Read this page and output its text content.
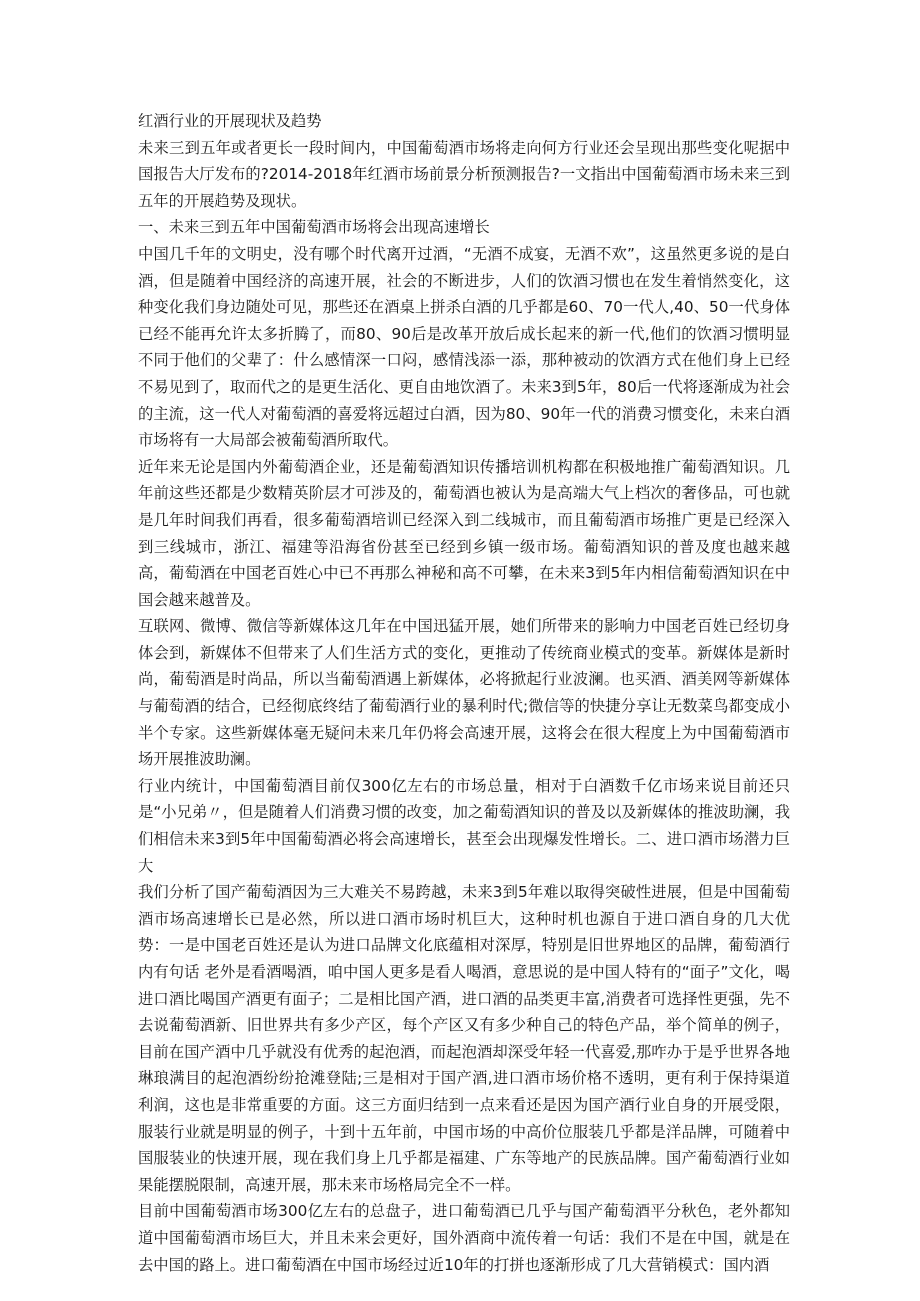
红酒行业的开展现状及趋势

未来三到五年或者更长一段时间内，中国葡萄酒市场将走向何方行业还会呈现出那些变化呢据中国报告大厅发布的?2014-2018年红酒市场前景分析预测报告?一文指出中国葡萄酒市场未来三到五年的开展趋势及现状。

一、未来三到五年中国葡萄酒市场将会出现高速增长

中国几千年的文明史，没有哪个时代离开过酒，“无酒不成宴，无酒不欢”，这虽然更多说的是白酒，但是随着中国经济的高速开展，社会的不断进步，人们的饮酒习惯也在发生着悄然变化，这种变化我们身边随处可见，那些还在酒桌上拼杀白酒的几乎都是60、70一代人,40、50一代身体已经不能再允许太多折腾了，而80、90后是改革开放后成长起来的新一代,他们的饮酒习惯明显不同于他们的父辈了：什么感情深一口闷，感情浅添一添，那种被动的饮酒方式在他们身上已经不易见到了，取而代之的是更生活化、更自由地饮酒了。未来3到5年，80后一代将逐渐成为社会的主流，这一代人对葡萄酒的喜爱将远超过白酒，因为80、90年一代的消费习惯变化，未来白酒市场将有一大局部会被葡萄酒所取代。

近年来无论是国内外葡萄酒企业，还是葡萄酒知识传播培训机构都在积极地推广葡萄酒知识。几年前这些还都是少数精英阶层才可涉及的，葡萄酒也被认为是高端大气上档次的奢侈品，可也就是几年时间我们再看，很多葡萄酒培训已经深入到二线城市，而且葡萄酒市场推广更是已经深入到三线城市，浙江、福建等沿海省份甚至已经到乡镇一级市场。葡萄酒知识的普及度也越来越高，葡萄酒在中国老百姓心中已不再那么神秘和高不可攀，在未来3到5年内相信葡萄酒知识在中国会越来越普及。

互联网、微博、微信等新媒体这几年在中国迅猛开展，她们所带来的影响力中国老百姓已经切身体会到，新媒体不但带来了人们生活方式的变化，更推动了传统商业模式的变革。新媒体是新时尚，葡萄酒是时尚品，所以当葡萄酒遇上新媒体，必将掀起行业波澜。也买酒、酒美网等新媒体与葡萄酒的结合，已经彻底终结了葡萄酒行业的暴利时代;微信等的快捷分享让无数菜鸟都变成小半个专家。这些新媒体毫无疑问未来几年仍将会高速开展，这将会在很大程度上为中国葡萄酒市场开展推波助澜。

行业内统计，中国葡萄酒目前仅300亿左右的市场总量，相对于白酒数千亿市场来说目前还只是“小兄弟〃，但是随着人们消费习惯的改变，加之葡萄酒知识的普及以及新媒体的推波助澜，我们相信未来3到5年中国葡萄酒必将会高速增长，甚至会出现爆发性增长。二、进口酒市场潜力巨大

我们分析了国产葡萄酒因为三大难关不易跨越，未来3到5年难以取得突破性进展，但是中国葡萄酒市场高速增长已是必然，所以进口酒市场时机巨大，这种时机也源自于进口酒自身的几大优势：一是中国老百姓还是认为进口品牌文化底蕴相对深厚，特别是旧世界地区的品牌，葡萄酒行内有句话 老外是看酒喝酒，咱中国人更多是看人喝酒，意思说的是中国人特有的“面子”文化，喝进口酒比喝国产酒更有面子；二是相比国产酒，进口酒的品类更丰富,消费者可选择性更强，先不去说葡萄酒新、旧世界共有多少产区，每个产区又有多少种自己的特色产品，举个简单的例子，目前在国产酒中几乎就没有优秀的起泡酒，而起泡酒却深受年轻一代喜爱,那咋办于是乎世界各地琳琅满目的起泡酒纷纷抢滩登陆;三是相对于国产酒,进口酒市场价格不透明，更有利于保持渠道利润，这也是非常重要的方面。这三方面归结到一点来看还是因为国产酒行业自身的开展受限，服装行业就是明显的例子，十到十五年前，中国市场的中高价位服装几乎都是洋品牌，可随着中国服装业的快速开展，现在我们身上几乎都是福建、广东等地产的民族品牌。国产葡萄酒行业如果能摆脱限制，高速开展，那未来市场格局完全不一样。

目前中国葡萄酒市场300亿左右的总盘子，进口葡萄酒已几乎与国产葡萄酒平分秋色，老外都知道中国葡萄酒市场巨大，并且未来会更好，国外酒商中流传着一句话：我们不是在中国，就是在去中国的路上。进口葡萄酒在中国市场经过近10年的打拼也逐渐形成了几大营销模式：国内酒
